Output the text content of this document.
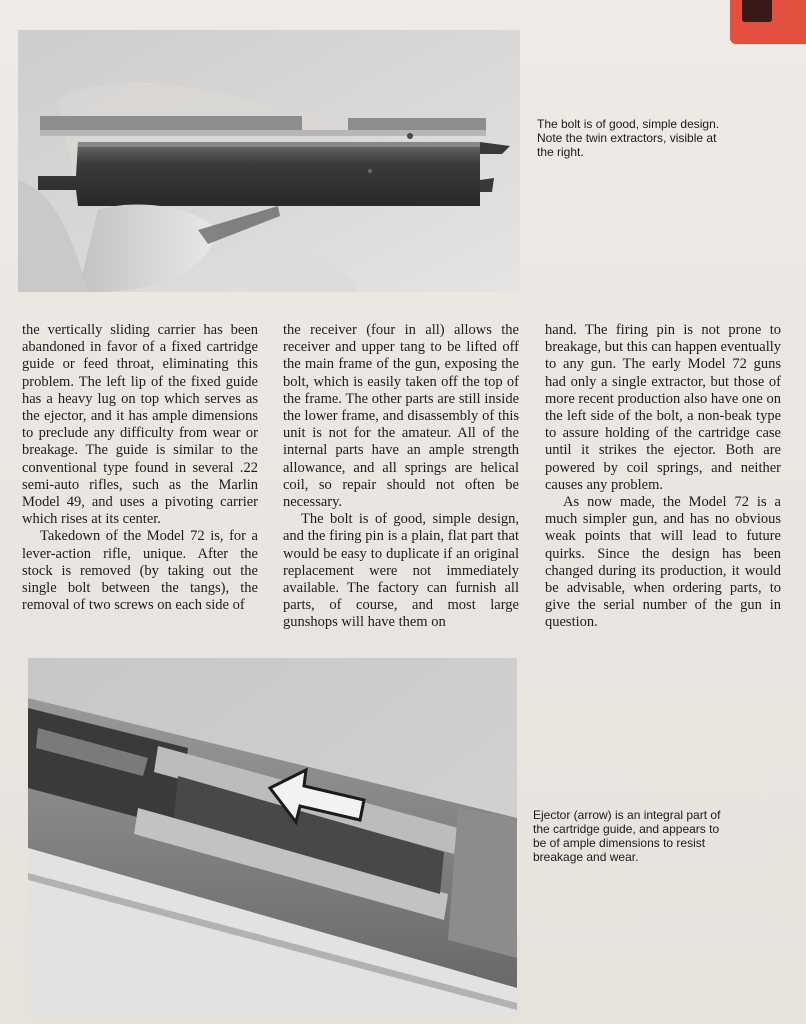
The bolt is of good, simple design.
Note the twin extractors, visible at
the right.

the vertically sliding carrier has been abandoned in favor of a fixed cartridge guide or feed throat, eliminating this problem. The left lip of the fixed guide has a heavy lug on top which serves as the ejector, and it has ample dimensions to preclude any difficulty from wear or breakage. The guide is similar to the conventional type found in several .22 semi-auto rifles, such as the Marlin Model 49, and uses a pivoting carrier which rises at its center.

Takedown of the Model 72 is, for a lever-action rifle, unique. After the stock is removed (by taking out the single bolt between the tangs), the removal of two screws on each side of

the receiver (four in all) allows the receiver and upper tang to be lifted off the main frame of the gun, exposing the bolt, which is easily taken off the top of the frame. The other parts are still inside the lower frame, and disassembly of this unit is not for the amateur. All of the internal parts have an ample strength allowance, and all springs are helical coil, so repair should not often be necessary.

The bolt is of good, simple design, and the firing pin is a plain, flat part that would be easy to duplicate if an original replacement were not immediately available. The factory can furnish all parts, of course, and most large gunshops will have them on

hand. The firing pin is not prone to breakage, but this can happen eventually to any gun. The early Model 72 guns had only a single extractor, but those of more recent production also have one on the left side of the bolt, a non-beak type to assure holding of the cartridge case until it strikes the ejector. Both are powered by coil springs, and neither causes any problem.

As now made, the Model 72 is a much simpler gun, and has no obvious weak points that will lead to future quirks. Since the design has been changed during its production, it would be advisable, when ordering parts, to give the serial number of the gun in question.

Ejector (arrow) is an integral part of
the cartridge guide, and appears to
be of ample dimensions to resist
breakage and wear.
